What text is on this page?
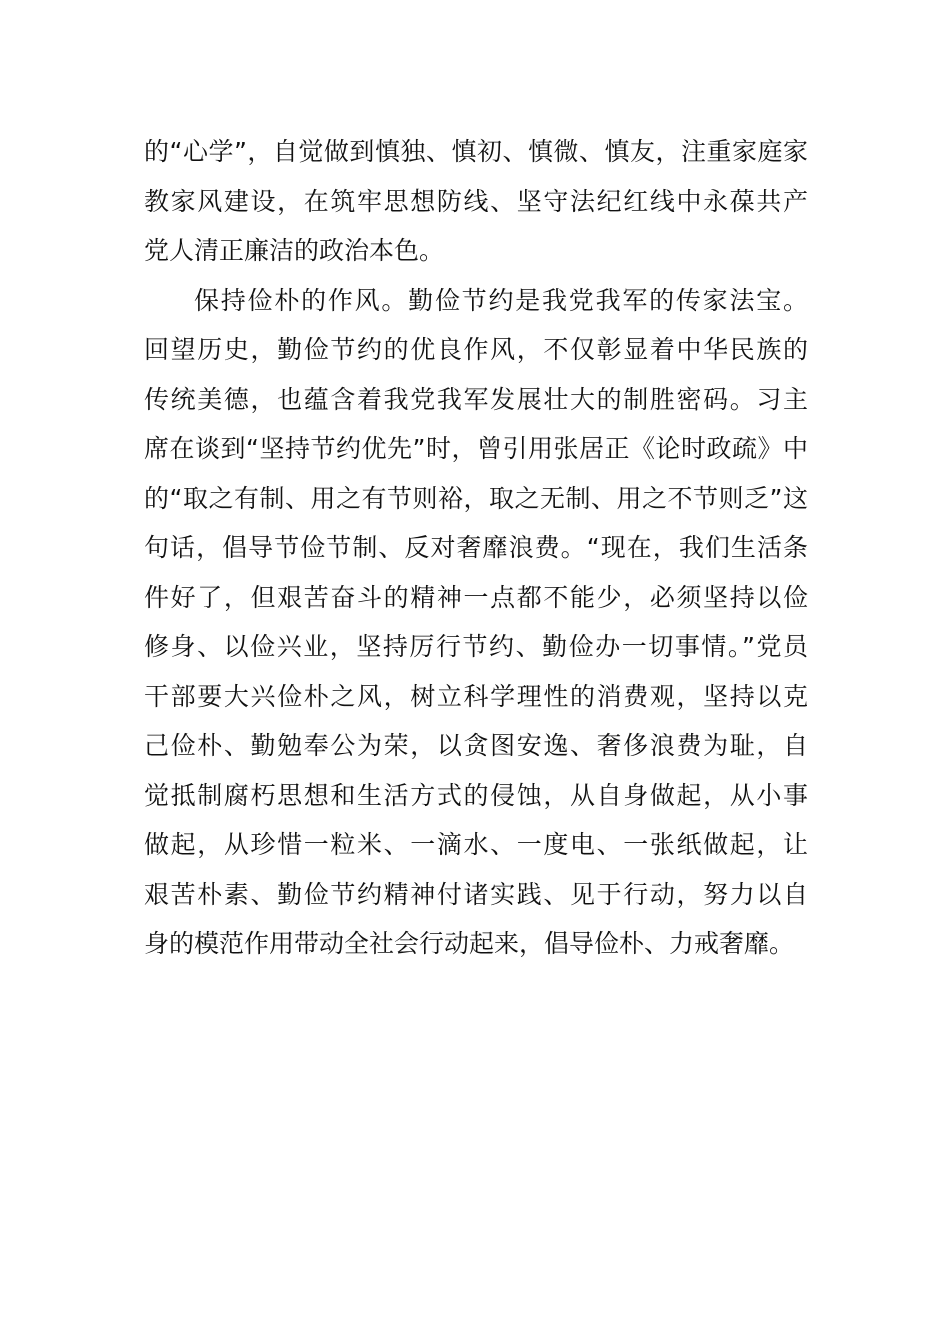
的“心学”，自觉做到慎独、慎初、慎微、慎友，注重家庭家
教家风建设，在筑牢思想防线、坚守法纪红线中永葆共产
党人清正廉洁的政治本色。
保持俭朴的作风。勤俭节约是我党我军的传家法宝。
回望历史，勤俭节约的优良作风，不仅彰显着中华民族的
传统美德，也蕴含着我党我军发展壮大的制胜密码。习主
席在谈到“坚持节约优先”时，曾引用张居正《论时政疏》中
的“取之有制、用之有节则裕，取之无制、用之不节则乏”这
句话，倡导节俭节制、反对奢靡浪费。“现在，我们生活条
件好了，但艰苦奋斗的精神一点都不能少，必须坚持以俭
修身、以俭兴业，坚持厉行节约、勤俭办一切事情。”党员
干部要大兴俭朴之风，树立科学理性的消费观，坚持以克
己俭朴、勤勉奉公为荣，以贪图安逸、奢侈浪费为耻，自
觉抵制腐朽思想和生活方式的侵蚀，从自身做起，从小事
做起，从珍惜一粒米、一滴水、一度电、一张纸做起，让
艰苦朴素、勤俭节约精神付诸实践、见于行动，努力以自
身的模范作用带动全社会行动起来，倡导俭朴、力戒奢靡。
